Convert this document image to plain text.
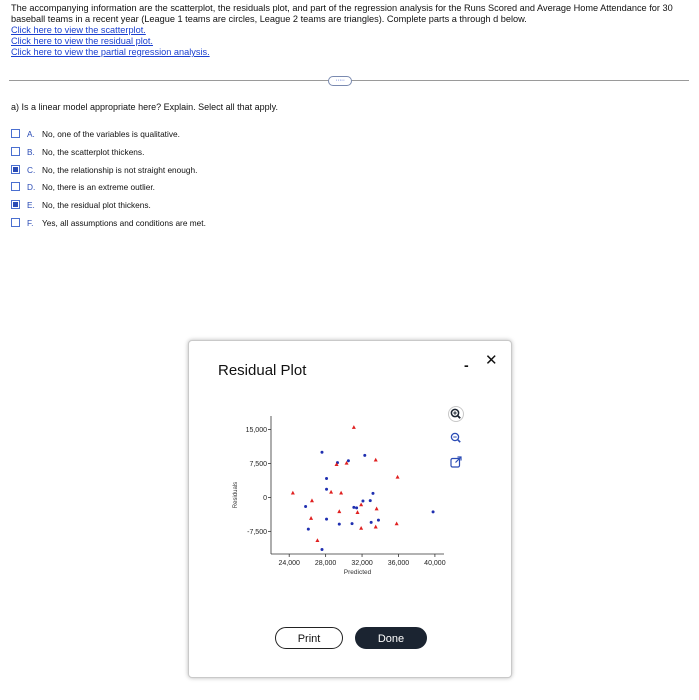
The accompanying information are the scatterplot, the residuals plot, and part of the regression analysis for the Runs Scored and Average Home Attendance for 30

baseball teams in a recent year (League 1 teams are circles, League 2 teams are triangles). Complete parts a through d below.

Click here to view the scatterplot.
Click here to view the residual plot.
Click here to view the partial regression analysis.
·····
a) Is a linear model appropriate here? Explain. Select all that apply.
A. No, one of the variables is qualitative.
B. No, the scatterplot thickens.
C. No, the relationship is not straight enough.
D. No, there is an extreme outlier.
E. No, the residual plot thickens.
F. Yes, all assumptions and conditions are met.
Residual Plot	- ✕
15,000
7,500
0
-7,500
24,000 28,000 32,000 36,000 40,000
Predicted
Residuals
Print	Done
